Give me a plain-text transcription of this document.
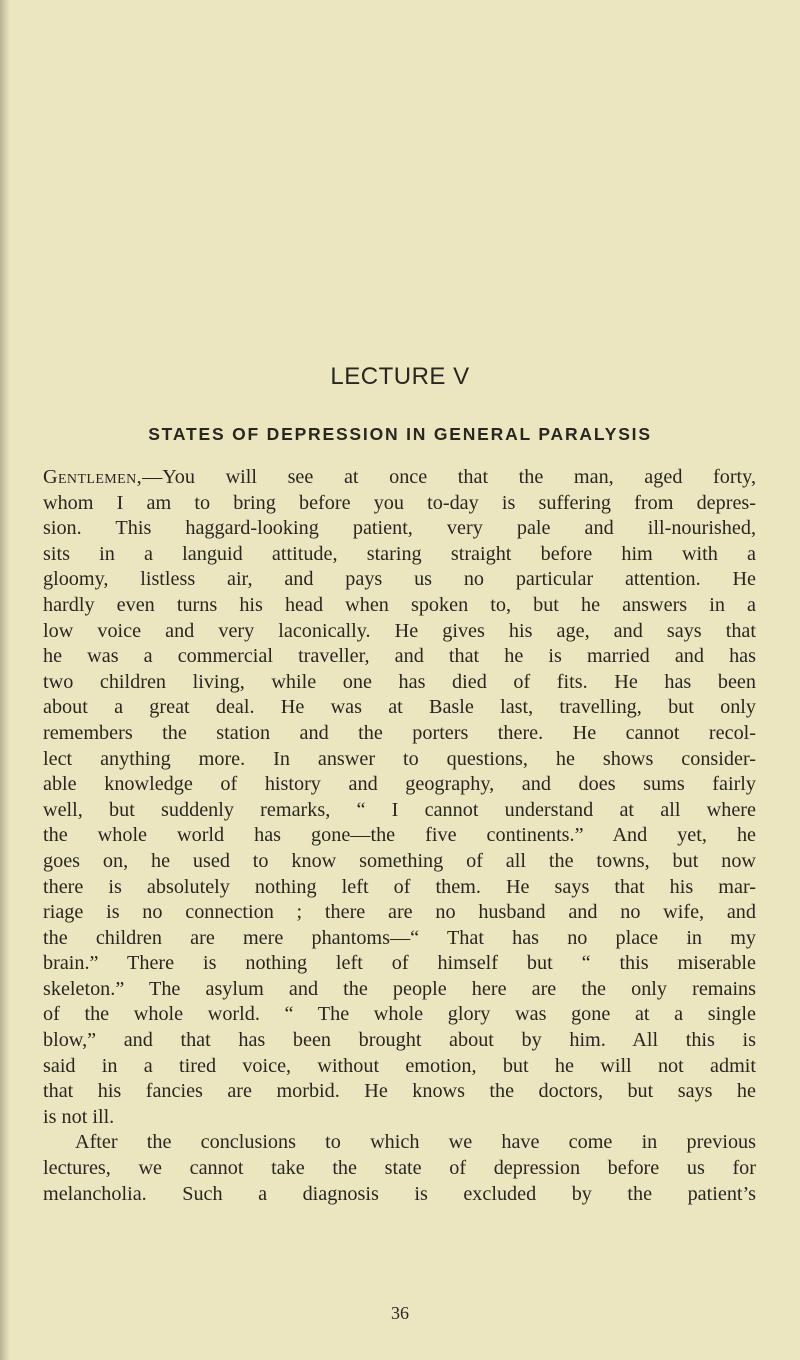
LECTURE V
STATES OF DEPRESSION IN GENERAL PARALYSIS
Gentlemen,—You will see at once that the man, aged forty,
whom I am to bring before you to-day is suffering from depres-
sion. This haggard-looking patient, very pale and ill-nourished,
sits in a languid attitude, staring straight before him with a
gloomy, listless air, and pays us no particular attention. He
hardly even turns his head when spoken to, but he answers in a
low voice and very laconically. He gives his age, and says that
he was a commercial traveller, and that he is married and has
two children living, while one has died of fits. He has been
about a great deal. He was at Basle last, travelling, but only
remembers the station and the porters there. He cannot recol-
lect anything more. In answer to questions, he shows consider-
able knowledge of history and geography, and does sums fairly
well, but suddenly remarks, “ I cannot understand at all where
the whole world has gone—the five continents.” And yet, he
goes on, he used to know something of all the towns, but now
there is absolutely nothing left of them. He says that his mar-
riage is no connection ; there are no husband and no wife, and
the children are mere phantoms—“ That has no place in my
brain.” There is nothing left of himself but “ this miserable
skeleton.” The asylum and the people here are the only remains
of the whole world. “ The whole glory was gone at a single
blow,” and that has been brought about by him. All this is
said in a tired voice, without emotion, but he will not admit
that his fancies are morbid. He knows the doctors, but says he
is not ill.
After the conclusions to which we have come in previous
lectures, we cannot take the state of depression before us for
melancholia. Such a diagnosis is excluded by the patient’s
36
